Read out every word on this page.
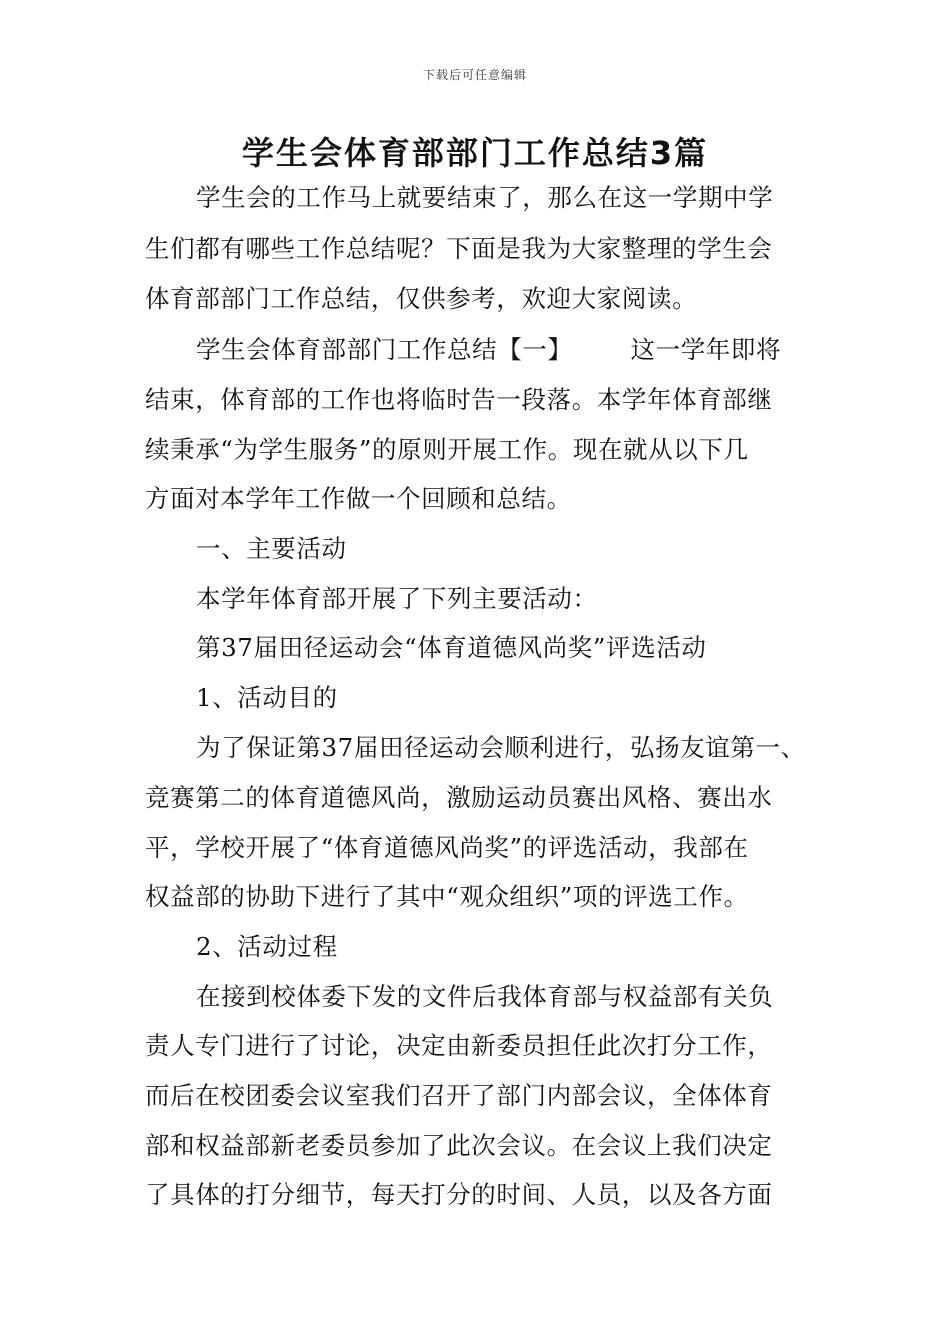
下载后可任意编辑
学生会体育部部门工作总结3篇
学生会的工作马上就要结束了，那么在这一学期中学
生们都有哪些工作总结呢？下面是我为大家整理的学生会
体育部部门工作总结，仅供参考，欢迎大家阅读。
学生会体育部部门工作总结【一】 这一学年即将
结束，体育部的工作也将临时告一段落。本学年体育部继
续秉承“为学生服务”的原则开展工作。现在就从以下几
方面对本学年工作做一个回顾和总结。
一、主要活动
本学年体育部开展了下列主要活动：
第37届田径运动会“体育道德风尚奖”评选活动
1、活动目的
为了保证第37届田径运动会顺利进行，弘扬友谊第一、
竞赛第二的体育道德风尚，激励运动员赛出风格、赛出水
平，学校开展了“体育道德风尚奖”的评选活动，我部在
权益部的协助下进行了其中“观众组织”项的评选工作。
2、活动过程
在接到校体委下发的文件后我体育部与权益部有关负
责人专门进行了讨论，决定由新委员担任此次打分工作，
而后在校团委会议室我们召开了部门内部会议，全体体育
部和权益部新老委员参加了此次会议。在会议上我们决定
了具体的打分细节，每天打分的时间、人员，以及各方面
